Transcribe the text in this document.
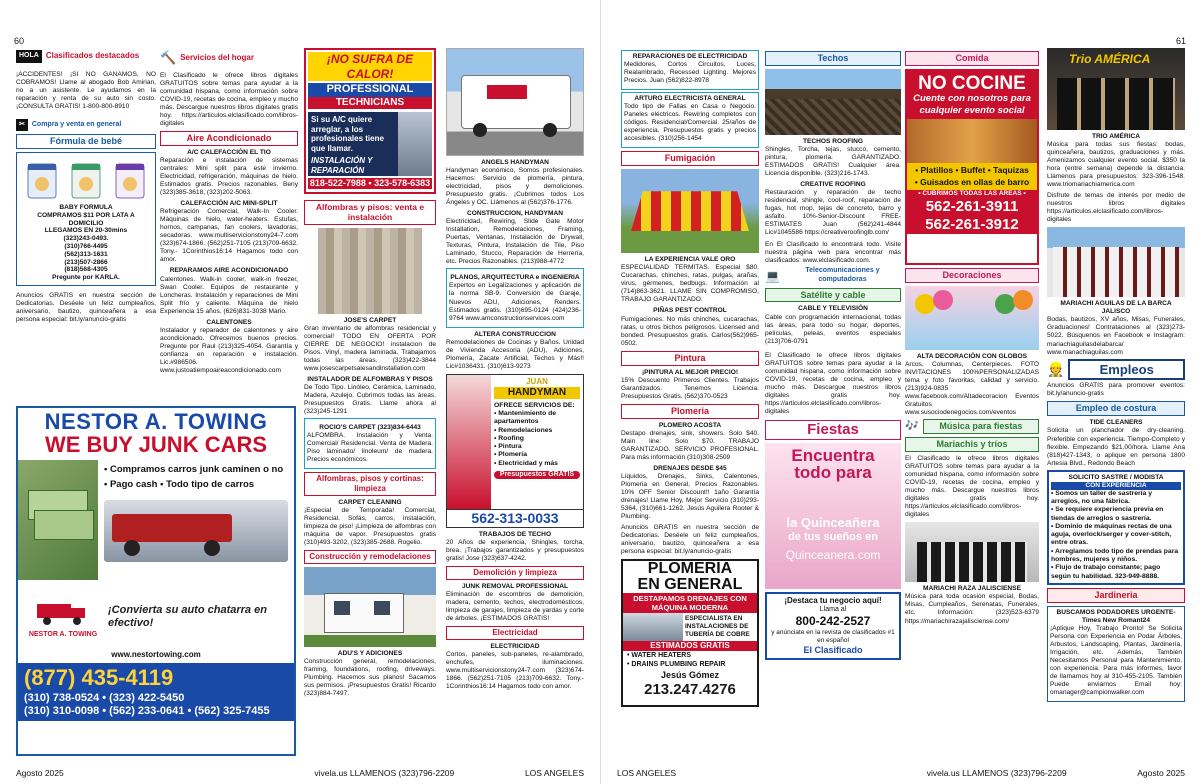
60
HOLA Clasificados destacados
¡ACCIDENTES! ¡SI NO GANAMOS, NO COBRAMOS! Llame al abogado Bob Amirian, no a un asistente. Le ayudamos en la reparación y renta de su auto sin costo. ¡CONSULTA GRATIS! 1-800-800-8910
✂	Compra y venta en general
Fórmula de bebé
BABY FORMULA
COMPRAMOS $11 POR LATA A DOMICILIO
LLEGAMOS EN 20-30mins
(323)243-0493.
(310)766-4495
(562)313-1631
(213)507-2866
(818)568-4305
Pregunte por KARLA.
Anuncios GRATIS en nuestra sección de Dedicatorias. Deséele un feliz cumpleaños, aniversario, bautizo, quinceañera a esa persona especial: bit.ly/anuncio-gratis
🔨 Servicios del hogar
El Clasificado le ofrece libros digitales GRATUITOS sobre temas para ayudar a la comunidad hispana, como información sobre COVID-19, recetas de cocina, empleo y mucho más. Descargue nuestros libros digitales gratis hoy. https://articulos.elclasificado.com/libros-digitales
Aire Acondicionado
A/C CALEFACCIÓN EL TIO
Reparación e instalación de sistemas centrales: Mini split para este invierno. Electricidad, refrigeración, máquinas de hielo. Estimados gratis. Precios razonables. Beny (323)385-3618, (323)202-5063.
CALEFACCIÓN A/C MINI-SPLIT
Refrigeración Comercial, Walk-In Cooler. Máquinas de hielo, water-heaters. Estufas, hornos, campanas, fan coolers, lavadoras, secadoras. www.multiservicionstony24-7.com (323)674-1866. (562)251-7105 (213)709-6632. Tony.- 1Corinthios16:14 Hagamos todo con amor.
REPARAMOS AIRE ACONDICIONADO
Calentones. Walk-in cooler, walk-in freezer, Swan Cooler. Equipos de restaurante y Loncheras. Instalación y reparaciones de Mini Split frío y caliente. Máquina de hielo Experiencia 15 años. (626)831-3038 Mario.
CALENTONES
Instalador y reparador de calentones y aire acondicionado. Ofrecemos buenos precios. Pregunte por Raul (213)325-4054. Garantía y confianza en reparación e instalación. Lic.#986506. www.justoatiempoaireacondicionado.com
NESTOR A. TOWING
WE BUY JUNK CARS
• Compramos carros junk caminen o no
• Pago cash • Todo tipo de carros
NESTOR A. TOWING
¡Convierta su auto chatarra en efectivo!
www.nestortowing.com
(877) 435-4119
(310) 738-0524 • (323) 422-5450
(310) 310-0098 • (562) 233-0641 • (562) 325-7455
¡NO SUFRA DE CALOR!
PROFESSIONAL
TECHNICIANS
Si su A/C quiere arreglar, a los profesionales tiene que llamar.
INSTALACIÓN Y REPARACIÓN
818-522-7988 • 323-578-6383
Alfombras y pisos: venta e instalación
JOSE'S CARPET
Gran inventario de alfombras residencial y comercial! TODO EN OFERTA POR CIERRE DE NEGOCIO! instalacion de Pisos. Vinyl, madera laminada. Trabajamos todas las áreas. (323)422-3844 www.josescarpetsalesandinstallation.com
INSTALADOR DE ALFOMBRAS Y PISOS
De Todo Tipo. Linóleo, Cerámica, Laminado, Madera, Azulejo. Cubrimos todas las áreas. Presupuestos Gratis. Llame ahora al (323)245-1291
ROCIO'S CARPET (323)834-6443
ALFOMBRA. Instalación y Venta. Comercial/ Residencial. Venta de Madera. Piso laminado/ linoleum/ de madera. Precios económicos.
Alfombras, pisos y cortinas: limpieza
CARPET CLEANING
¡Especial de Temporada! Comercial, Residencial. Sofás, carros, instalación, limpieza de piso! ¡Limpieza de alfombras con máquina de vapor. Presupuestos gratis (310)493-3202, (323)385-2688. Rogelio.
Construcción y remodelaciones
ADU'S Y ADICIONES
Construcción general, remodelaciones, framing, foundations, roofing, driveways. Plumbing. Hacemos sus planos! Sacamos sus permisos. ¡Presupuestos Gratis! Ricardo (323)884-7497.
ANGELS HANDYMAN
Handyman económico, Somos profesionales. Hacemos: Servicio de plomería, pintura, electricidad, pisos y demoliciones. Presupuesto gratis. ¡Cubrimos todos Los Ángeles y OC. Llámenos al (562)376-1776.
CONSTRUCCION, HANDYMAN
Electricidad, Rewiring, Slide Gate Motor Installation, Remodelaciones, Framing, Puertas, Ventanas, Instalación de Drywall, Texturas, Pintura, Instalación de Tile, Piso Laminado, Stucco, Reparación de Herrería, etc. Precios Razonables. (213)988-4772
PLANOS, ARQUITECTURA e INGENIERIA
Expertos en Legalizaciones y aplicación de la norma SB-9. Conversión de Garaje, Nuevos ADU, Adiciones, Renders. Estimados gratis. (310)695-0124 (424)236-9764 www.amconstructionservices.com
ALTERA CONSTRUCCION
Remodelaciones de Cocinas y Baños. Unidad de Vivienda Accesoria (ADU), Adiciones, Plomería, Zacate Artificial, Techos y Más!! Lic#1036431. (310)613-9273
JUAN
HANDYMAN
OFRECE SERVICIOS DE:
• Mantenimiento de apartamentos
• Remodelaciones
• Roofing
• Pintura
• Plomería
• Electricidad y más
Presupuestos GRATIS
562-313-0033
TRABAJOS DE TECHO
20 Años de experiencia, Shingles, torcha, brea. ¡Trabajos garantizados y presupuestos gratis! Jose (323)637-4242.
Demolición y limpieza
JUNK REMOVAL PROFESSIONAL
Eliminación de escombros de demolición, madera, cemento, techos, electrodomésticos, limpieza de garajes, limpieza de yardas y corte de árboles. ¡ESTIMADOS GRATIS!
Electricidad
ELECTRICIDAD
Cortos, paneles, sub-paneles, re-alambrado, enchufes, iluminaciones. www.multiservicionstony24-7.com (323)674-1866. (562)251-7105 (213)709-6632. Tony.- 1Corinthios16:14 Hagamos todo con amor.
Agosto 2025	vivela.us LLAMENOS (323)796-2209	LOS ANGELES
61
REPARACIONES DE ELECTRICIDAD
Medidores, Cortos Circuitos, Luces, Realambrado, Recessed Lighting. Mejores Precios. Juan (562)822-8978
ARTURO ELECTRICISTA GENERAL
Todo tipo de Fallas en Casa o Negocio. Paneles eléctricos. Rewiring completos con códigos. Residencial/Comercial. 25/años de experiencia. Presupuestos gratis y precios accesibles. (310)256-1454
Fumigación
LA EXPERIENCIA VALE ORO
ESPECIALIDAD TERMITAS. Especial $80. Cucarachas, chinches, ratas, pulgas, arañas, virus, gérmenes, bedbugs. Información al (714)863-3621. LLAME SIN COMPROMISO, TRABAJO GARANTIZADO.
PIÑAS PEST CONTROL
Fumigaciones. No más chinches, cucarachas, ratas, u otros bichos peligrosos. Licensed and bonded. Presupuestos gratis. Carlos(562)965-0502.
Pintura
¡PINTURA AL MEJOR PRECIO!
15% Descuento Primeros Clientes. Trabajos Garantizados. Tenemos Licencia. Presupuestos Gratis. (562)370-0523
Plomeria
PLOMERO ACOSTA
Destapo drenajes, sink, showers. Solo $40. Main line: Solo $70. TRABAJO GARANTIZADO. SERVICIO PROFESIONAL. Para más información (310)308-2509
DRENAJES DESDE $45
Líquidos, Drenajes, Sinks, Calentones, Plomeria en General, Precios Razonables. 10% OFF Senior Discount!! 1año Garantía drenajes! Llame Hoy, Mejor Servicio (310)293-5364, (310)661-1262. Jesús Aguilera Rooter & Plumbing.
Anuncios GRATIS en nuestra sección de Dedicatorias. Deséele un feliz cumpleaños, aniversario, bautizo, quinceañera a esa persona especial: bit.ly/anuncio-gratis
PLOMERIA
EN GENERAL
DESTAPAMOS DRENAJES CON MÁQUINA MODERNA
ESPECIALISTA EN INSTALACIONES DE TUBERÍA DE COBRE
ESTIMADOS GRATIS
• WATER HEATERS
• DRAINS PLUMBING REPAIR
Jesús Gómez
213.247.4276
Techos
TECHOS ROOFING
Shingles, Torcha, tejas, stucco, cemento, pintura, plomería. GARANTIZADO. ESTIMADOS GRATIS! Cualquier área. Licencia disponible. (323)216-1743.
CREATIVE ROOFING
Restauración y reparación de techo residencial, shingle, cool-roof, reparación de fugas, hot mop, tejas de concreto, barro y asfalto. 10%-Senior-Discount FREE-ESTIMATES Juan (562)241-4844 Lic#1045586 https://creativeroofinglb.com/
En El Clasificado lo encontrará todo. Visite nuestra página web para encontrar más clasificados: www.elclasificado.com.
💻	Telecomunicaciones y computadoras
Satélite y cable
CABLE Y TELEVISIÓN
Cable con programación internacional, todas las áreas, para todo su hogar, deportes, películas, peleas, eventos especiales (213)706-0791
El Clasificado le ofrece libros digitales GRATUITOS sobre temas para ayudar a la comunidad hispana, como información sobre COVID-19, recetas de cocina, empleo y mucho más. Descargue nuestros libros digitales gratis hoy. https://articulos.elclasificado.com/libros-digitales
Fiestas
Encuentra
todo para
la Quinceañera
de tus sueños en
Quinceanera.com
¡Destaca tu negocio aquí!
Llama al
800-242-2527
y anúnciate en la revista de clasificados #1 en español
El Clasificado
Comida
NO COCINE
Cuente con nosotros para cualquier evento social
• Platillos • Buffet • Taquizas
• Guisados en ollas de barro
• CUBRIMOS TODAS LAS ÁREAS •
562-261-3911
562-261-3912
Decoraciones
ALTA DECORACIÓN CON GLOBOS
Arcos, Columnas, Centerpieces. FOTO INVITACIONES 100%PERSONALIZADAS tema y foto favoritas, calidad y servicio. (213)924-0835 www.facebook.com/Altadecoracion Eventos Gratuitos www.susociodenegocios.com/eventos
🎶	Música para fiestas
Mariachis y tríos
El Clasificado le ofrece libros digitales GRATUITOS sobre temas para ayudar a la comunidad hispana, como información sobre COVID-19, recetas de cocina, empleo y mucho más. Descargue nuestros libros digitales gratis hoy. https://articulos.elclasificado.com/libros-digitales
MARIACHI RAZA JALISCIENSE
Música para toda ocasión especial, Bodas, Misas, Cumpleaños, Serenatas, Funerales, etc. Información: (323)523-6379 https://mariachirazajalisciense.com/
Trio AMÉRICA
TRIO AMÉRICA
Música para todas sus fiestas: bodas, quinceañera, bautizos, graduaciones y más. Amenizamos cualquier evento social. $350 la hora (entre semana) depende la distancia. Llámenos para presupuestos: 323-396-1548. www.triomariachiamerica.com
Disfrute de temas de interés por medio de nuestros libros digitales https://articulos.elclasificado.com/libros-digitales
MARIACHI AGUILAS DE LA BARCA JALISCO
Bodas, bautizos, XV años, Misas, Funerales, Graduaciones! Contrataciones al (323)273-5022. Búsquenos en Facebook e Instagram: mariachiaguilasdelabarca/ www.manachiaguilas.com
👷	Empleos
Anuncios GRATIS para promover eventos: bit.ly/anuncio-gratis
Empleo de costura
TIDE CLEANERS
Solicita un planchador de dry-cleaning. Preferible con experiencia. Tiempo-Completo y flexible. Empezando $21.00/hora. Llame Ana (818)427-1343, o aplique en persona 1800 Artesia Blvd., Redondo Beach
SOLICITO SASTRE / MODISTA
CON EXPERIENCIA
• Somos un taller de sastrería y arreglos, no una fábrica.
• Se requiere experiencia previa en tiendas de arreglos o sastrería.
• Dominio de máquinas rectas de una aguja, overlock/serger y cover-stitch, entre otras.
• Arreglamos todo tipo de prendas para hombres, mujeres y niños.
• Flujo de trabajo constante; pago según tu habilidad. 323-949-8888.
Jardineria
BUSCAMOS PODADORES URGENTE-Times New Romant24
¡Aplique Hoy, Trabajo Pronto! Se Solicita Persona con Experiencia en Podar Árboles, Arbustos, Landscaping, Plantas, Jardinería, Irrigación, etc. Además, También Necesitamos Personal para Mantenimiento, con experiencia. Para más informes, favor de llamarnos hoy al 310-455-2105. También Puede enviarnos Email hoy: omanager@campionwalker.com
LOS ANGELES	vivela.us LLAMENOS (323)796-2209	Agosto 2025
